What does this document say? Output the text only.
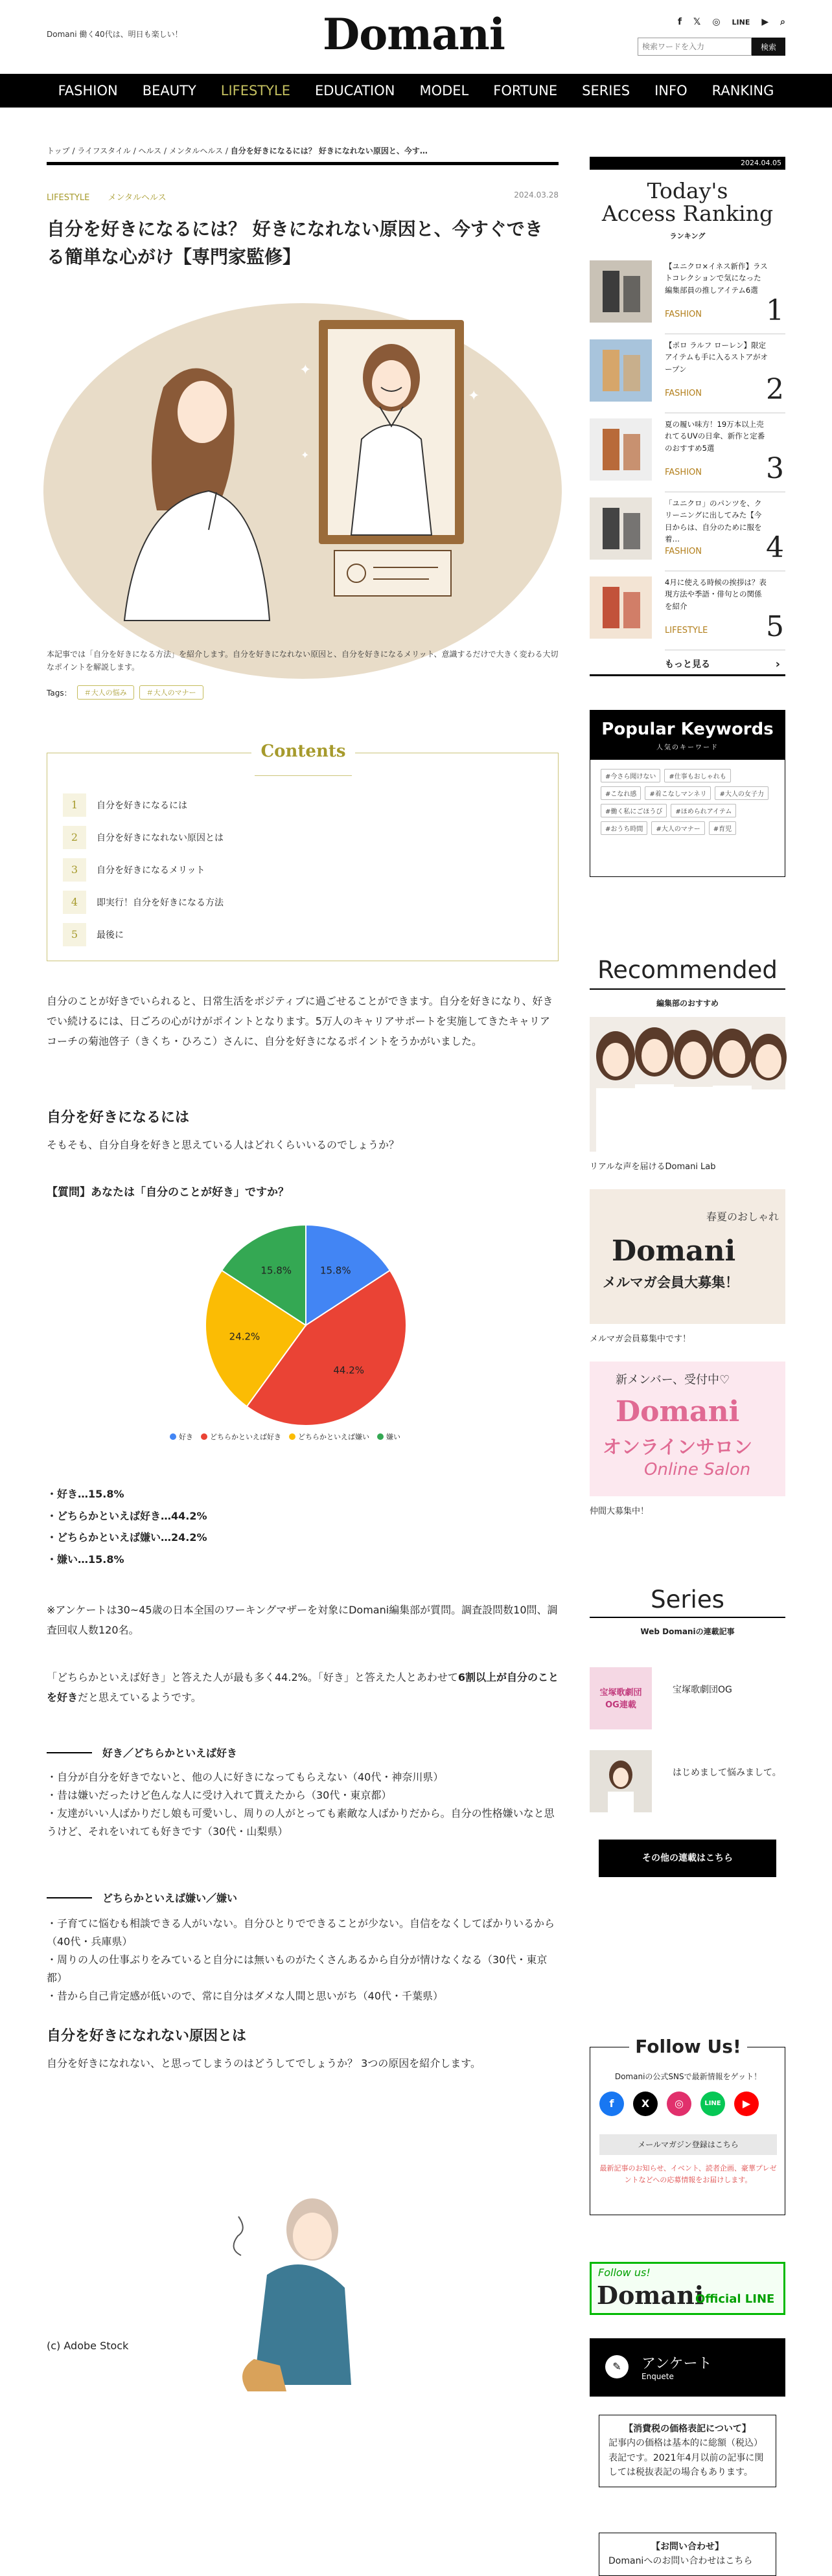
Domani 働く40代は、明日も楽しい！	Domani	f 𝕏 ◎ LINE ▶ ⌕
検索ワードを入力
検索
FASHION	BEAUTY	LIFESTYLE	EDUCATION	MODEL	FORTUNE	SERIES	INFO	RANKING
トップ / ライフスタイル / ヘルス / メンタルヘルス / 自分を好きになるには？ 好きになれない原因と、今す…
LIFESTYLE メンタルヘルス	2024.03.28
自分を好きになるには？ 好きになれない原因と、今すぐできる簡単な心がけ【専門家監修】
✦
✦
✦

本記事では「自分を好きになる方法」を紹介します。自分を好きになれない原因と、自分を好きになるメリット、意識するだけで大きく変わる大切なポイントを解説します。

Tags：	＃大人の悩み	＃大人のマナー
Contents
1	自分を好きになるには
2	自分を好きになれない原因とは
3	自分を好きになるメリット
4	即実行！自分を好きになる方法
5	最後に

自分のことが好きでいられると、日常生活をポジティブに過ごせることができます。自分を好きになり、好きでい続けるには、日ごろの心がけがポイントとなります。5万人のキャリアサポートを実施してきたキャリアコーチの菊池啓子（きくち・ひろこ）さんに、自分を好きになるポイントをうかがいました。

自分を好きになるには

そもそも、自分自身を好きと思えている人はどれくらいいるのでしょうか？

【質問】あなたは「自分のことが好き」ですか？
15.8%
44.2%
24.2%
15.8%
好き	どちらかといえば好き	どちらかといえば嫌い	嫌い
・好き…15.8%
・どちらかといえば好き…44.2%
・どちらかといえば嫌い…24.2%
・嫌い…15.8%

※アンケートは30~45歳の日本全国のワーキングマザーを対象にDomani編集部が質問。調査設問数10問、調査回収人数120名。

「どちらかといえば好き」と答えた人が最も多く44.2%。「好き」と答えた人とあわせて6割以上が自分のことを好きだと思えているようです。

好き／どちらかといえば好き
・自分が自分を好きでないと、他の人に好きになってもらえない（40代・神奈川県）
・昔は嫌いだったけど色んな人に受け入れて貰えたから（30代・東京都）
・友達がいい人ばかりだし娘も可愛いし、周りの人がとっても素敵な人ばかりだから。自分の性格嫌いなと思うけど、それをいれても好きです（30代・山梨県）
どちらかといえば嫌い／嫌い
・子育てに悩むも相談できる人がいない。自分ひとりでできることが少ない。自信をなくしてばかりいるから（40代・兵庫県）
・周りの人の仕事ぶりをみていると自分には無いものがたくさんあるから自分が情けなくなる（30代・東京都）
・昔から自己肯定感が低いので、常に自分はダメな人間と思いがち（40代・千葉県）
自分を好きになれない原因とは

自分を好きになれない、と思ってしまうのはどうしてでしょうか？ 3つの原因を紹介します。

(c) Adobe Stock
2024.04.05
Today's
Access Ranking
ランキング
【ユニクロ×イネス新作】ラストコレクションで気になった編集部員の推しアイテム6選
FASHION 1
【ポロ ラルフ ローレン】限定アイテムも手に入るストアがオープン
FASHION 2
夏の履い味方！19万本以上売れてるUVの日傘、新作と定番のおすすめ5選
FASHION 3
「ユニクロ」のパンツを、クリーニングに出してみた【今日からは、自分のために服を着…
FASHION 4
4月に使える時候の挨拶は？表現方法や季語・俳句との関係を紹介
LIFESTYLE 5
もっと見る ›
Popular Keywords
人気のキーワード
#今さら聞けない	#仕事もおしゃれも
#こなれ感	#着こなしマンネリ	#大人の女子力
#働く私にごほうび	#ほめられアイテム
#おうち時間	#大人のマナー	#育児
Recommended
編集部のおすすめ
リアルな声を届けるDomani Lab
春夏のおしゃれ
Domani
メルマガ会員大募集！
メルマガ会員募集中です！
新メンバー、受付中♡
Domani
オンラインサロン
Online Salon
仲間大募集中！
Series
Web Domaniの連載記事
宝塚歌劇団OG連載
宝塚歌劇団OG
はじめまして悩みまして。
その他の連載はこちら
Follow Us!
Domaniの公式SNSで最新情報をゲット！
f	X	◎	LINE	▶
メールマガジン登録はこちら
最新記事のお知らせ、イベント、読者企画、豪華プレゼントなどへの応募情報をお届けします。
Follow us!
Domani
Official LINE
✎	アンケート
Enquete
【消費税の価格表記について】
記事内の価格は基本的に総額（税込）表記です。2021年4月以前の記事に関しては税抜表記の場合もあります。
【お問い合わせ】
Domaniへのお問い合わせはこちら
